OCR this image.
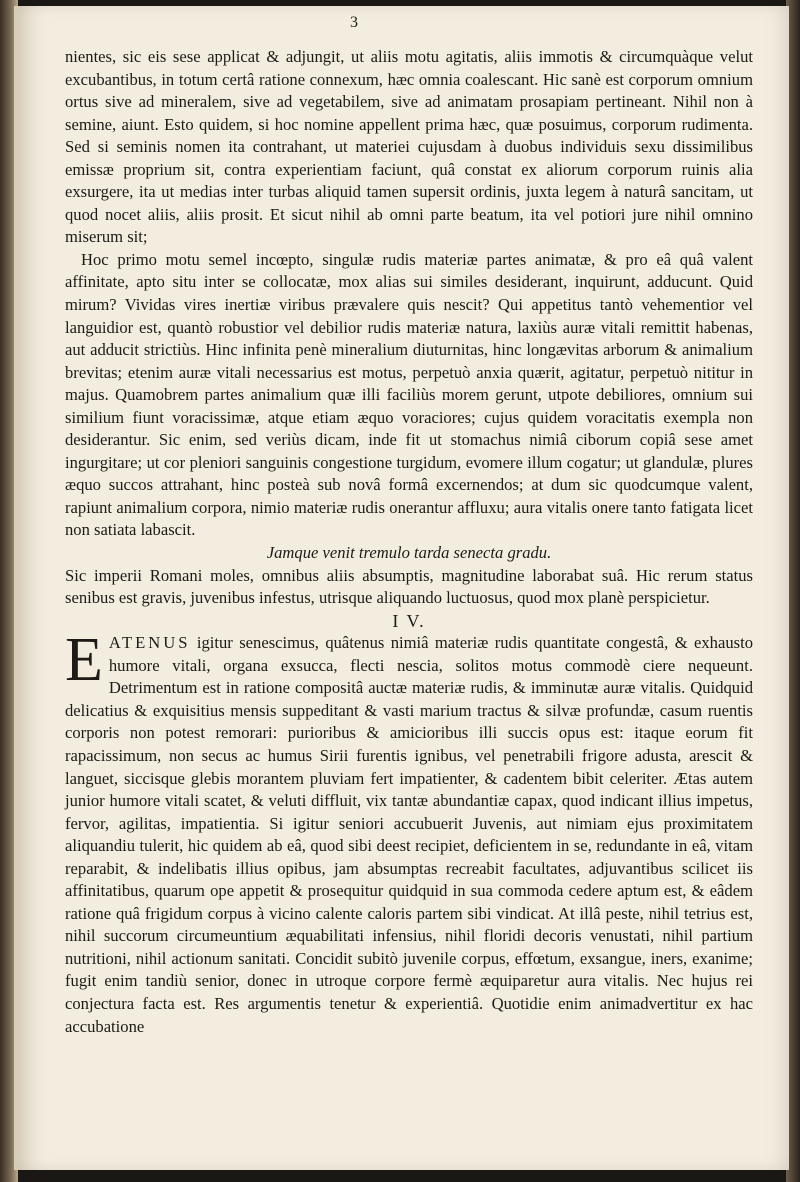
3

nientes, sic eis sese applicat & adjungit, ut aliis motu agitatis, aliis immotis & circumquàque velut excubantibus, in totum certâ ratione connexum, hæc omnia coalescant. Hic sanè est corporum omnium ortus sive ad mineralem, sive ad vegetabilem, sive ad animatam prosapiam pertineant. Nihil non à semine, aiunt. Esto quidem, si hoc nomine appellent prima hæc, quæ posuimus, corporum rudimenta. Sed si seminis nomen ita contrahant, ut materiei cujusdam à duobus individuis sexu dissimilibus emissæ proprium sit, contra experientiam faciunt, quâ constat ex aliorum corporum ruinis alia exsurgere, ita ut medias inter turbas aliquid tamen supersit ordinis, juxta legem à naturâ sancitam, ut quod nocet aliis, aliis prosit. Et sicut nihil ab omni parte beatum, ita vel potiori jure nihil omnino miserum sit;

Hoc primo motu semel incœpto, singulæ rudis materiæ partes animatæ, & pro eâ quâ valent affinitate, apto situ inter se collocatæ, mox alias sui similes desiderant, inquirunt, adducunt. Quid mirum? Vividas vires inertiæ viribus prævalere quis nescit? Qui appetitus tantò vehementior vel languidior est, quantò robustior vel debilior rudis materiæ natura, laxiùs auræ vitali remittit habenas, aut adducit strictiùs. Hinc infinita penè mineralium diuturnitas, hinc longævitas arborum & animalium brevitas; etenim auræ vitali necessarius est motus, perpetuò anxia quærit, agitatur, perpetuò nititur in majus. Quamobrem partes animalium quæ illi faciliùs morem gerunt, utpote debiliores, omnium sui similium fiunt voracissimæ, atque etiam æquo voraciores; cujus quidem voracitatis exempla non desiderantur. Sic enim, sed veriùs dicam, inde fit ut stomachus nimiâ ciborum copiâ sese amet ingurgitare; ut cor pleniori sanguinis congestione turgidum, evomere illum cogatur; ut glandulæ, plures æquo succos attrahant, hinc posteà sub novâ formâ excernendos; at dum sic quodcumque valent, rapiunt animalium corpora, nimio materiæ rudis onerantur affluxu; aura vitalis onere tanto fatigata licet non satiata labascit.

Jamque venit tremulo tarda senecta gradu.

Sic imperii Romani moles, omnibus aliis absumptis, magnitudine laborabat suâ. Hic rerum status senibus est gravis, juvenibus infestus, utrisque aliquando luctuosus, quod mox planè perspicietur.

I V.

EATENUS igitur senescimus, quâtenus nimiâ materiæ rudis quantitate congestâ, & exhausto humore vitali, organa exsucca, flecti nescia, solitos motus commodè ciere nequeunt. Detrimentum est in ratione compositâ auctæ materiæ rudis, & imminutæ auræ vitalis. Quidquid delicatius & exquisitius mensis suppeditant & vasti marium tractus & silvæ profundæ, casum ruentis corporis non potest remorari: purioribus & amicioribus illi succis opus est: itaque eorum fit rapacissimum, non secus ac humus Sirii furentis ignibus, vel penetrabili frigore adusta, arescit & languet, siccisque glebis morantem pluviam fert impatienter, & cadentem bibit celeriter. Ætas autem junior humore vitali scatet, & veluti diffluit, vix tantæ abundantiæ capax, quod indicant illius impetus, fervor, agilitas, impatientia. Si igitur seniori accubuerit Juvenis, aut nimiam ejus proximitatem aliquandiu tulerit, hic quidem ab eâ, quod sibi deest recipiet, deficientem in se, redundante in eâ, vitam reparabit, & indelibatis illius opibus, jam absumptas recreabit facultates, adjuvantibus scilicet iis affinitatibus, quarum ope appetit & prosequitur quidquid in sua commoda cedere aptum est, & eâdem ratione quâ frigidum corpus à vicino calente caloris partem sibi vindicat. At illâ peste, nihil tetrius est, nihil succorum circumeuntium æquabilitati infensius, nihil floridi decoris venustati, nihil partium nutritioni, nihil actionum sanitati. Concidit subitò juvenile corpus, effœtum, exsangue, iners, exanime; fugit enim tandiù senior, donec in utroque corpore fermè æquiparetur aura vitalis. Nec hujus rei conjectura facta est. Res argumentis tenetur & experientiâ. Quotidie enim animadvertitur ex hac accubatione
